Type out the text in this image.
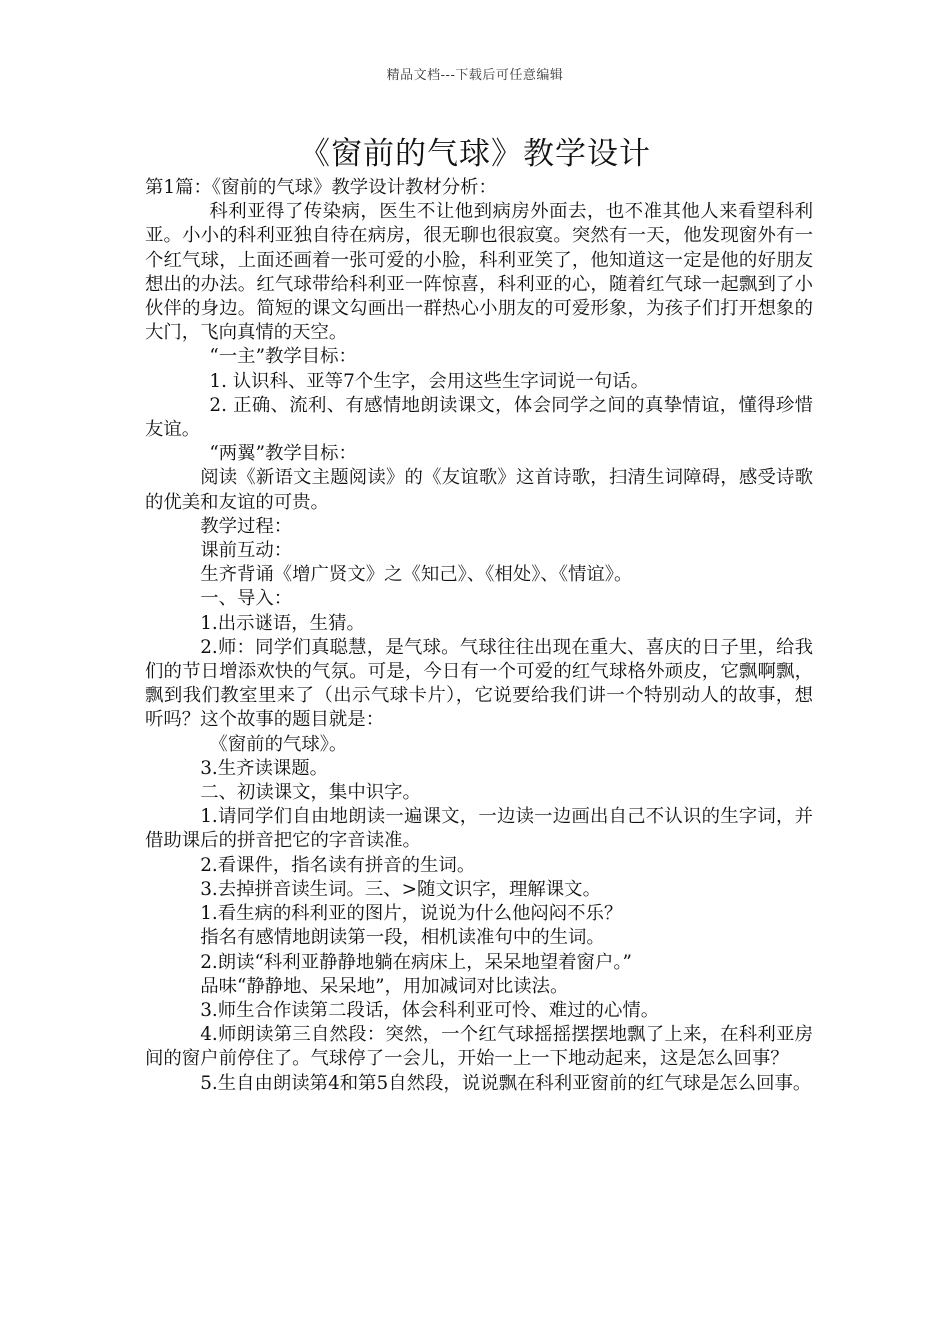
精品文档---下载后可任意编辑
《窗前的气球》教学设计

第1篇：《窗前的气球》教学设计教材分析：

科利亚得了传染病，医生不让他到病房外面去，也不准其他人来看望科利亚。小小的科利亚独自待在病房，很无聊也很寂寞。突然有一天，他发现窗外有一个红气球，上面还画着一张可爱的小脸，科利亚笑了，他知道这一定是他的好朋友想出的办法。红气球带给科利亚一阵惊喜，科利亚的心，随着红气球一起飘到了小伙伴的身边。简短的课文勾画出一群热心小朋友的可爱形象，为孩子们打开想象的大门，飞向真情的天空。

“一主”教学目标：

1. 认识科、亚等7个生字，会用这些生字词说一句话。

2. 正确、流利、有感情地朗读课文，体会同学之间的真挚情谊，懂得珍惜友谊。

“两翼”教学目标：

阅读《新语文主题阅读》的《友谊歌》这首诗歌，扫清生词障碍，感受诗歌的优美和友谊的可贵。

教学过程：

课前互动：

生齐背诵《增广贤文》之《知己》、《相处》、《情谊》。

一、导入：

1.出示谜语，生猜。

2.师：同学们真聪慧，是气球。气球往往出现在重大、喜庆的日子里，给我们的节日增添欢快的气氛。可是，今日有一个可爱的红气球格外顽皮，它飘啊飘，飘到我们教室里来了（出示气球卡片），它说要给我们讲一个特别动人的故事，想听吗？这个故事的题目就是：

《窗前的气球》。

3.生齐读课题。

二、初读课文，集中识字。

1.请同学们自由地朗读一遍课文，一边读一边画出自己不认识的生字词，并借助课后的拼音把它的字音读准。

2.看课件，指名读有拼音的生词。

3.去掉拼音读生词。三、>随文识字，理解课文。

1.看生病的科利亚的图片，说说为什么他闷闷不乐？

指名有感情地朗读第一段，相机读准句中的生词。

2.朗读“科利亚静静地躺在病床上，呆呆地望着窗户。”

品味“静静地、呆呆地”，用加减词对比读法。

3.师生合作读第二段话，体会科利亚可怜、难过的心情。

4.师朗读第三自然段：突然，一个红气球摇摇摆摆地飘了上来，在科利亚房间的窗户前停住了。气球停了一会儿，开始一上一下地动起来，这是怎么回事？

5.生自由朗读第4和第5自然段，说说飘在科利亚窗前的红气球是怎么回事。
